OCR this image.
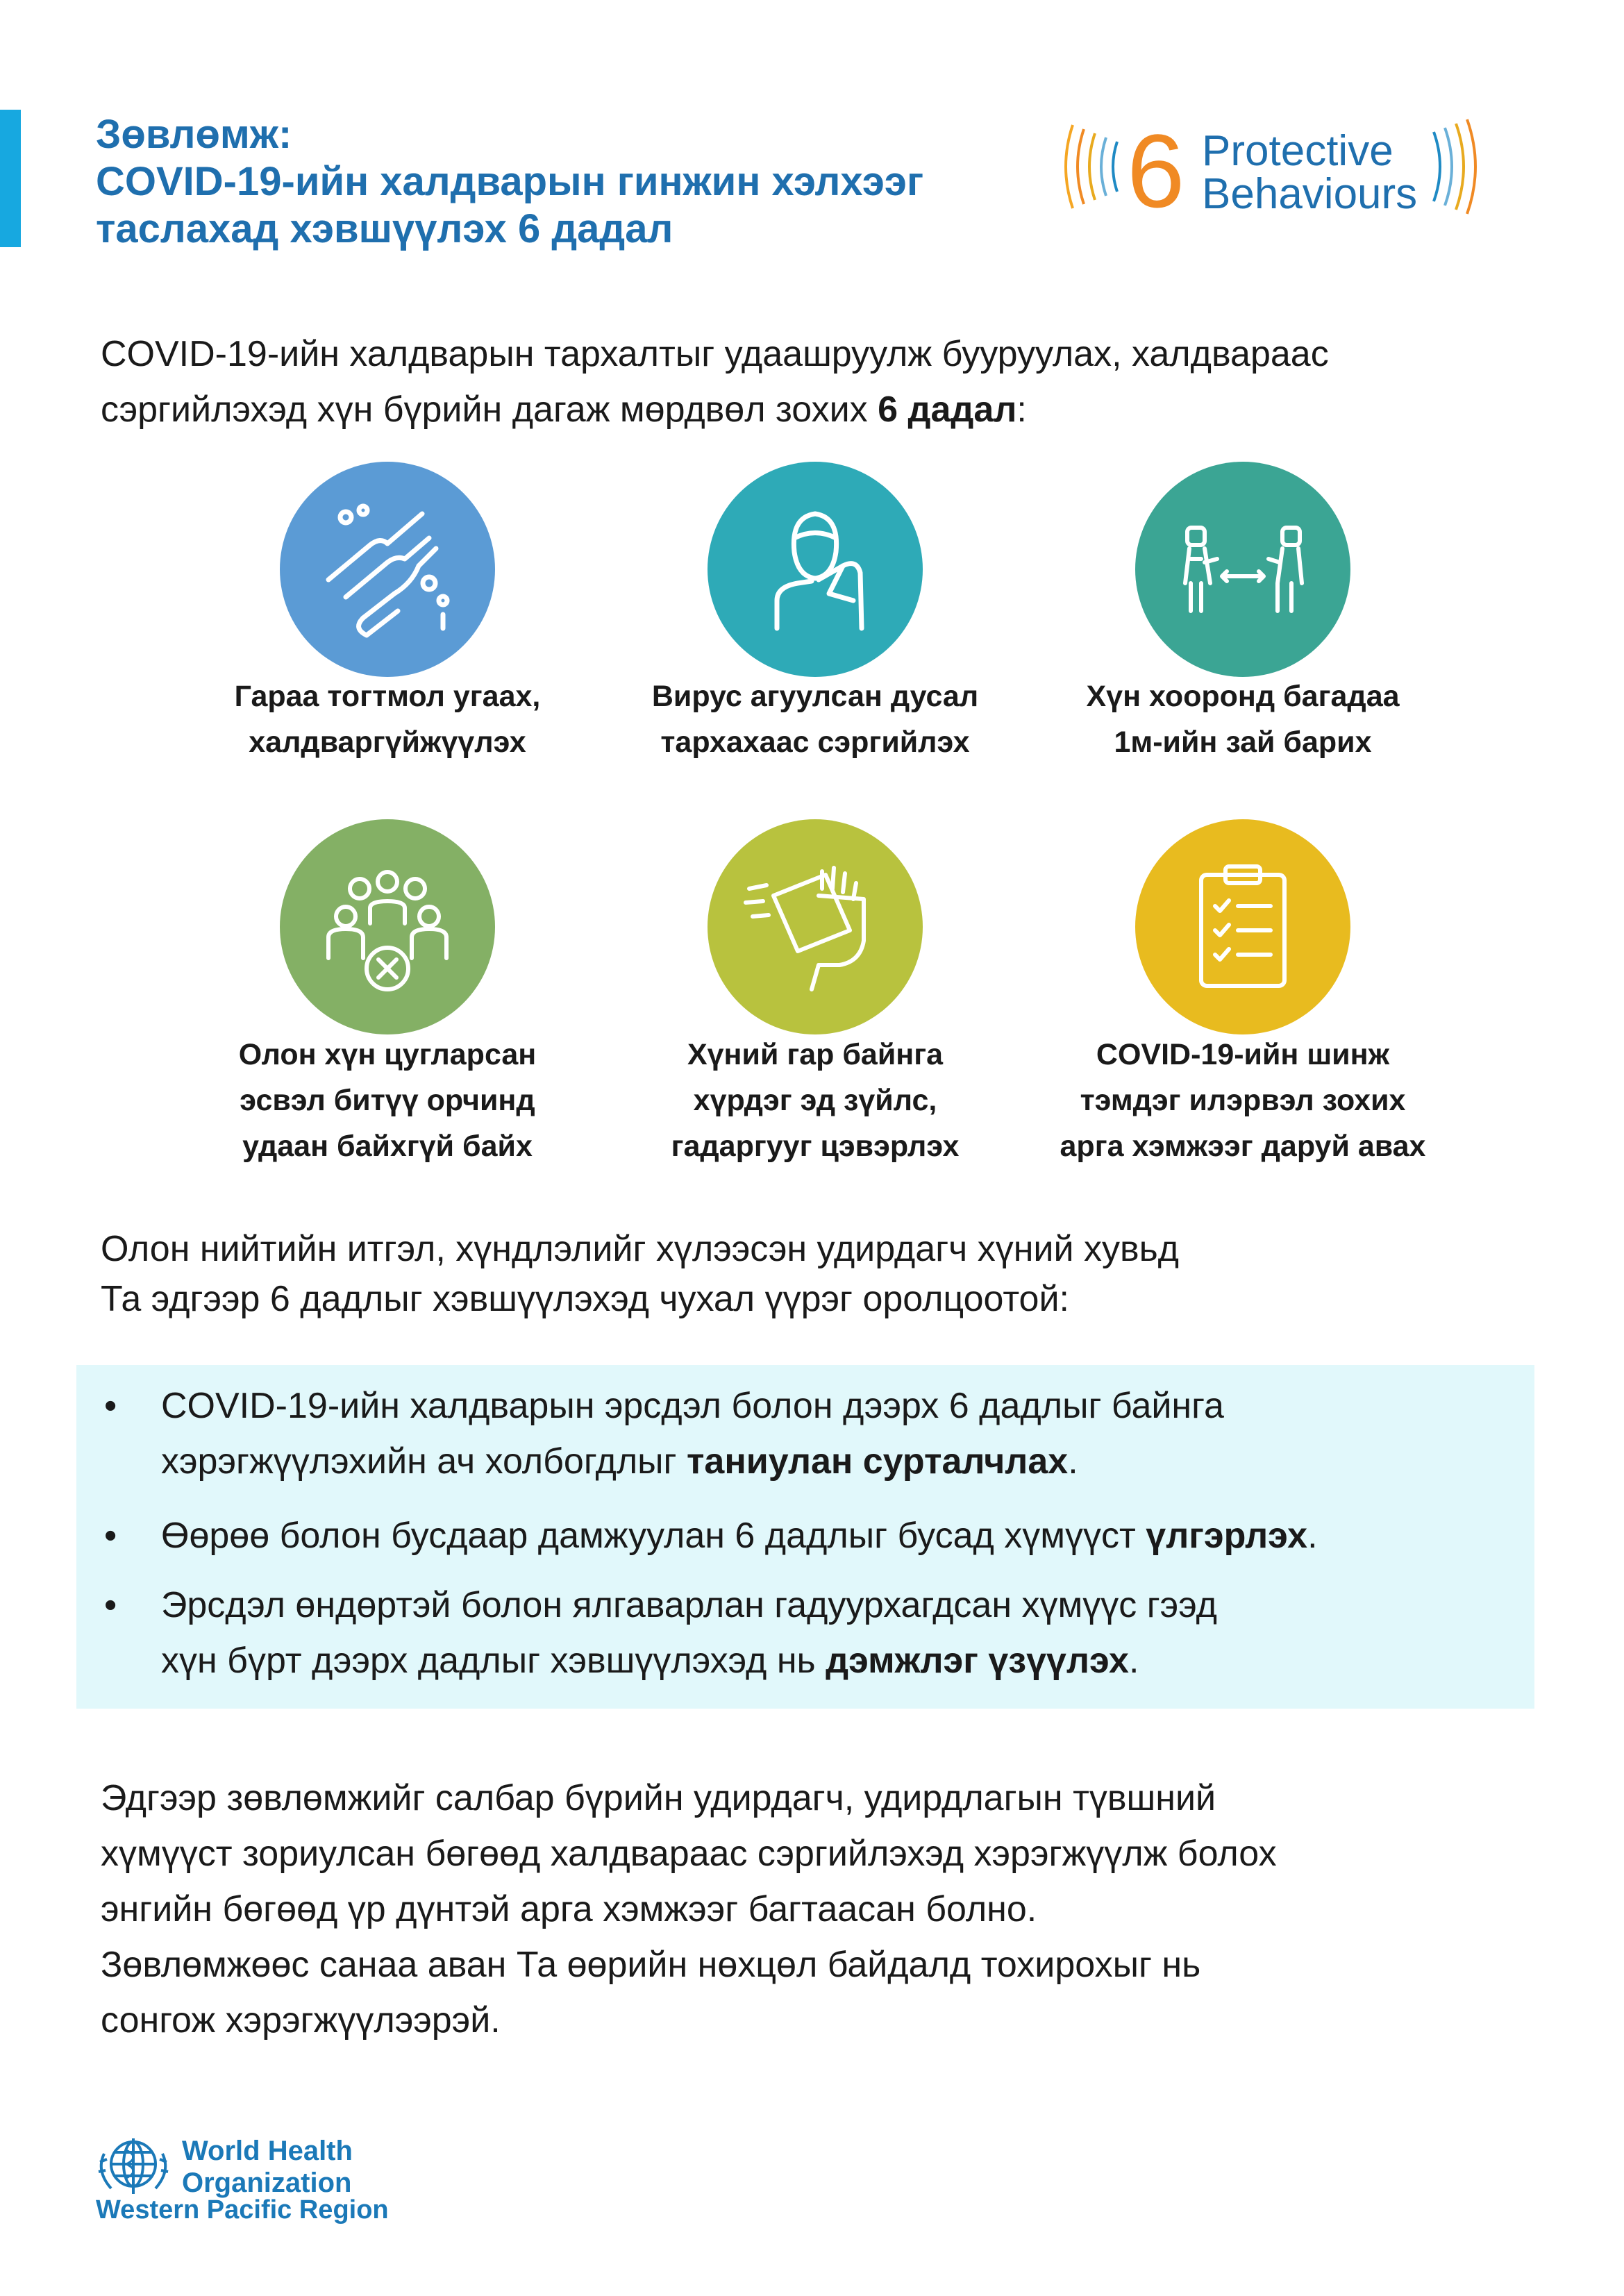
Зөвлөмж:
COVID-19-ийн халдварын гинжин хэлхээг
таслахад хэвшүүлэх 6 дадал	6 Protective
Behaviours
COVID-19-ийн халдварын тархалтыг удаашруулж бууруулах, халдвараас
сэргийлэхэд хүн бүрийн дагаж мөрдвөл зохих 6 дадал:
Гараа тогтмол угаах,
халдваргүйжүүлэх
Вирус агуулсан дусал
тархахаас сэргийлэх
Хүн хооронд багадаа
1м-ийн зай барих
Олон хүн цугларсан
эсвэл битүү орчинд
удаан байхгүй байх
Хүний гар байнга
хүрдэг эд зүйлс,
гадаргууг цэвэрлэх
COVID-19-ийн шинж
тэмдэг илэрвэл зохих
арга хэмжээг даруй авах
Олон нийтийн итгэл, хүндлэлийг хүлээсэн удирдагч хүний хувьд
Та эдгээр 6 дадлыг хэвшүүлэхэд чухал үүрэг оролцоотой:
• COVID-19-ийн халдварын эрсдэл болон дээрх 6 дадлыг байнга
хэрэгжүүлэхийн ач холбогдлыг таниулан сурталчлах.
• Өөрөө болон бусдаар дамжуулан 6 дадлыг бусад хүмүүст үлгэрлэх.
• Эрсдэл өндөртэй болон ялгаварлан гадуурхагдсан хүмүүс гээд
хүн бүрт дээрх дадлыг хэвшүүлэхэд нь дэмжлэг үзүүлэх.
Эдгээр зөвлөмжийг салбар бүрийн удирдагч, удирдлагын түвшний
хүмүүст зориулсан бөгөөд халдвараас сэргийлэхэд хэрэгжүүлж болох
энгийн бөгөөд үр дүнтэй арга хэмжээг багтаасан болно.
Зөвлөмжөөс санаа аван Та өөрийн нөхцөл байдалд тохирохыг нь
сонгож хэрэгжүүлээрэй.
World Health
Organization
Western Pacific Region
